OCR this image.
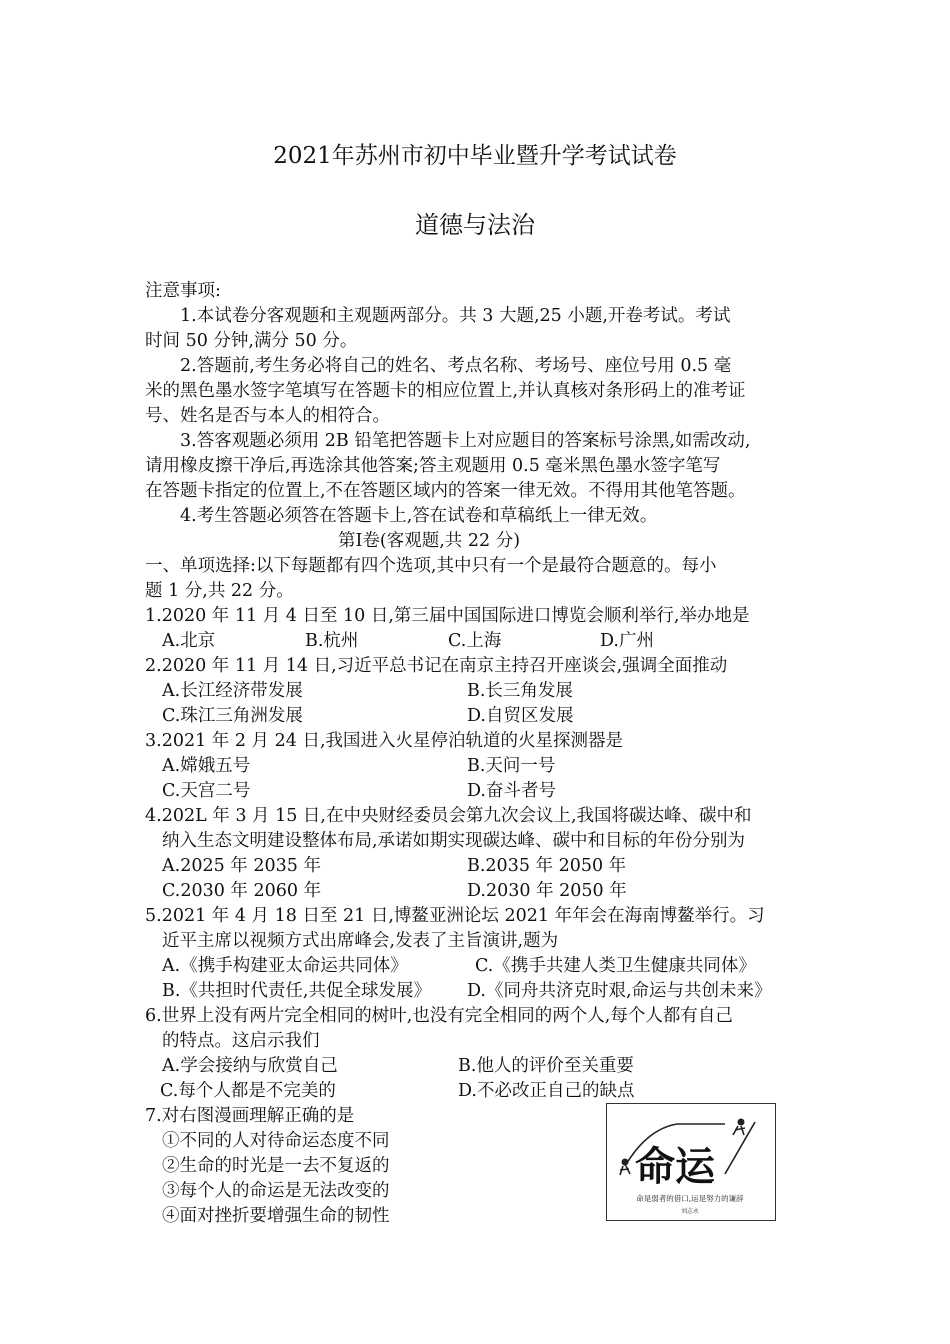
2021年苏州市初中毕业暨升学考试试卷
道德与法治
注意事项:
1.本试卷分客观题和主观题两部分。共 3 大题,25 小题,开卷考试。考试
时间 50 分钟,满分 50 分。
2.答题前,考生务必将自己的姓名、考点名称、考场号、座位号用 0.5 毫
米的黑色墨水签字笔填写在答题卡的相应位置上,并认真核对条形码上的准考证
号、姓名是否与本人的相符合。
3.答客观题必须用 2B 铅笔把答题卡上对应题目的答案标号涂黑,如需改动,
请用橡皮擦干净后,再选涂其他答案;答主观题用 0.5 毫米黑色墨水签字笔写
在答题卡指定的位置上,不在答题区域内的答案一律无效。不得用其他笔答题。
4.考生答题必须答在答题卡上,答在试卷和草稿纸上一律无效。
第Ⅰ卷(客观题,共 22 分)
一、单项选择:以下每题都有四个选项,其中只有一个是最符合题意的。每小
题 1 分,共 22 分。
1.2020 年 11 月 4 日至 10 日,第三届中国国际进口博览会顺利举行,举办地是
A.北京	B.杭州	C.上海	D.广州
2.2020 年 11 月 14 日,习近平总书记在南京主持召开座谈会,强调全面推动
A.长江经济带发展	B.长三角发展
C.珠江三角洲发展	D.自贸区发展
3.2021 年 2 月 24 日,我国进入火星停泊轨道的火星探测器是
A.嫦娥五号	B.天问一号
C.天宫二号	D.奋斗者号
4.202L 年 3 月 15 日,在中央财经委员会第九次会议上,我国将碳达峰、碳中和
纳入生态文明建设整体布局,承诺如期实现碳达峰、碳中和目标的年份分别为
A.2025 年 2035 年	B.2035 年 2050 年
C.2030 年 2060 年	D.2030 年 2050 年
5.2021 年 4 月 18 日至 21 日,博鳌亚洲论坛 2021 年年会在海南博鳌举行。习
近平主席以视频方式出席峰会,发表了主旨演讲,题为
A.《携手构建亚太命运共同体》	C.《携手共建人类卫生健康共同体》
B.《共担时代责任,共促全球发展》 D.《同舟共济克时艰,命运与共创未来》
6.世界上没有两片完全相同的树叶,也没有完全相同的两个人,每个人都有自己
的特点。这启示我们
A.学会接纳与欣赏自己	B.他人的评价至关重要
C.每个人都是不完美的	D.不必改正自己的缺点
7.对右图漫画理解正确的是
①不同的人对待命运态度不同
②生命的时光是一去不复返的
③每个人的命运是无法改变的
④面对挫折要增强生命的韧性
命运
命是弱者的借口,运是努力的谦辞
刘志永
